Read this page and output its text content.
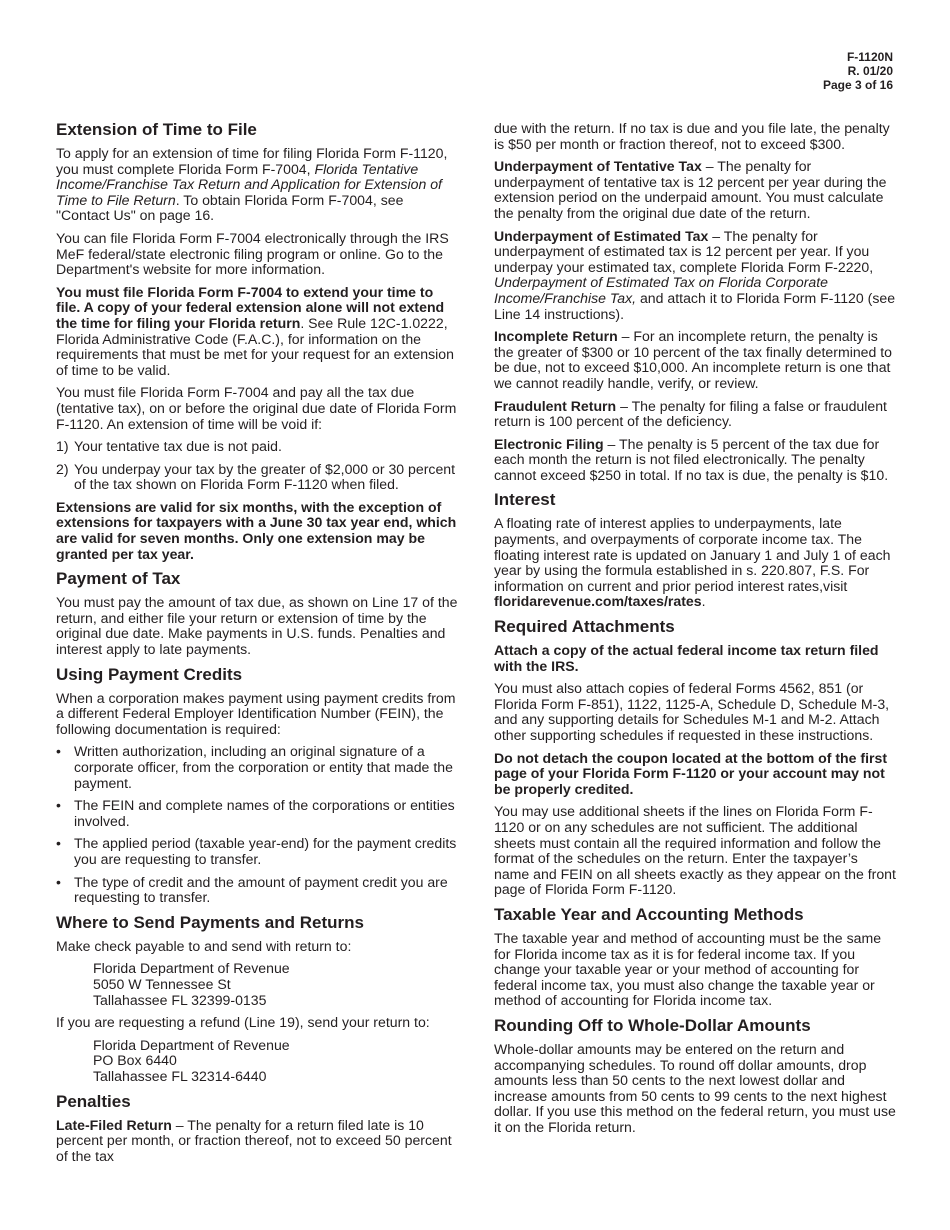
F-1120N
R. 01/20
Page 3 of 16
Extension of Time to File

To apply for an extension of time for filing Florida Form F-1120, you must complete Florida Form F-7004, Florida Tentative Income/Franchise Tax Return and Application for Extension of Time to File Return. To obtain Florida Form F-7004, see "Contact Us" on page 16.

You can file Florida Form F-7004 electronically through the IRS MeF federal/state electronic filing program or online. Go to the Department's website for more information.

You must file Florida Form F-7004 to extend your time to file. A copy of your federal extension alone will not extend the time for filing your Florida return. See Rule 12C-1.0222, Florida Administrative Code (F.A.C.), for information on the requirements that must be met for your request for an extension of time to be valid.

You must file Florida Form F-7004 and pay all the tax due (tentative tax), on or before the original due date of Florida Form F-1120. An extension of time will be void if:

1) Your tentative tax due is not paid.

2) You underpay your tax by the greater of $2,000 or 30 percent of the tax shown on Florida Form F-1120 when filed.

Extensions are valid for six months, with the exception of extensions for taxpayers with a June 30 tax year end, which are valid for seven months. Only one extension may be granted per tax year.

Payment of Tax

You must pay the amount of tax due, as shown on Line 17 of the return, and either file your return or extension of time by the original due date. Make payments in U.S. funds. Penalties and interest apply to late payments.

Using Payment Credits

When a corporation makes payment using payment credits from a different Federal Employer Identification Number (FEIN), the following documentation is required:

• Written authorization, including an original signature of a corporate officer, from the corporation or entity that made the payment.

• The FEIN and complete names of the corporations or entities involved.

• The applied period (taxable year-end) for the payment credits you are requesting to transfer.

• The type of credit and the amount of payment credit you are requesting to transfer.

Where to Send Payments and Returns

Make check payable to and send with return to:

Florida Department of Revenue
5050 W Tennessee St
Tallahassee FL 32399-0135

If you are requesting a refund (Line 19), send your return to:

Florida Department of Revenue
PO Box 6440
Tallahassee FL 32314-6440
Penalties

Late-Filed Return – The penalty for a return filed late is 10 percent per month, or fraction thereof, not to exceed 50 percent of the tax

due with the return. If no tax is due and you file late, the penalty is $50 per month or fraction thereof, not to exceed $300.

Underpayment of Tentative Tax – The penalty for underpayment of tentative tax is 12 percent per year during the extension period on the underpaid amount. You must calculate the penalty from the original due date of the return.

Underpayment of Estimated Tax – The penalty for underpayment of estimated tax is 12 percent per year. If you underpay your estimated tax, complete Florida Form F-2220, Underpayment of Estimated Tax on Florida Corporate Income/Franchise Tax, and attach it to Florida Form F-1120 (see Line 14 instructions).

Incomplete Return – For an incomplete return, the penalty is the greater of $300 or 10 percent of the tax finally determined to be due, not to exceed $10,000. An incomplete return is one that we cannot readily handle, verify, or review.

Fraudulent Return – The penalty for filing a false or fraudulent return is 100 percent of the deficiency.

Electronic Filing – The penalty is 5 percent of the tax due for each month the return is not filed electronically. The penalty cannot exceed $250 in total. If no tax is due, the penalty is $10.

Interest

A floating rate of interest applies to underpayments, late payments, and overpayments of corporate income tax. The floating interest rate is updated on January 1 and July 1 of each year by using the formula established in s. 220.807, F.S. For information on current and prior period interest rates,visit floridarevenue.com/taxes/rates.

Required Attachments

Attach a copy of the actual federal income tax return filed with the IRS.

You must also attach copies of federal Forms 4562, 851 (or Florida Form F-851), 1122, 1125-A, Schedule D, Schedule M-3, and any supporting details for Schedules M-1 and M-2. Attach other supporting schedules if requested in these instructions.

Do not detach the coupon located at the bottom of the first page of your Florida Form F-1120 or your account may not be properly credited.

You may use additional sheets if the lines on Florida Form F-1120 or on any schedules are not sufficient. The additional sheets must contain all the required information and follow the format of the schedules on the return. Enter the taxpayer’s name and FEIN on all sheets exactly as they appear on the front page of Florida Form F-1120.

Taxable Year and Accounting Methods

The taxable year and method of accounting must be the same for Florida income tax as it is for federal income tax. If you change your taxable year or your method of accounting for federal income tax, you must also change the taxable year or method of accounting for Florida income tax.

Rounding Off to Whole-Dollar Amounts

Whole-dollar amounts may be entered on the return and accompanying schedules. To round off dollar amounts, drop amounts less than 50 cents to the next lowest dollar and increase amounts from 50 cents to 99 cents to the next highest dollar. If you use this method on the federal return, you must use it on the Florida return.
